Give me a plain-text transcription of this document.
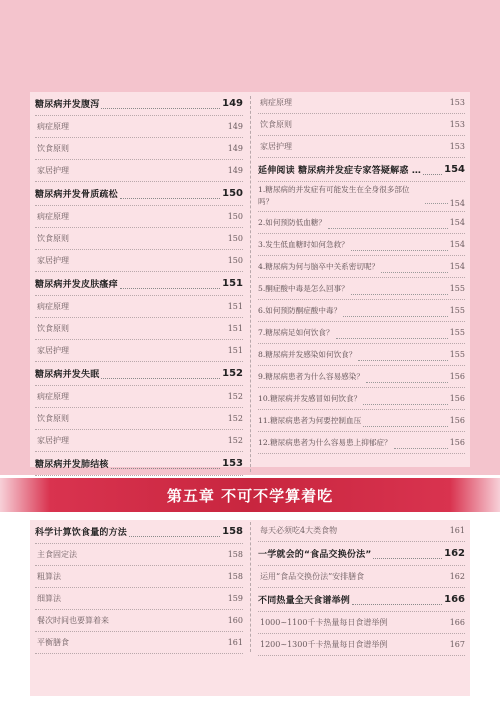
糖尿病并发腹泻	149
病症原理	149
饮食原则	149
家居护理	149
糖尿病并发骨质疏松	150
病症原理	150
饮食原则	150
家居护理	150
糖尿病并发皮肤瘙痒	151
病症原理	151
饮食原则	151
家居护理	151
糖尿病并发失眠	152
病症原理	152
饮食原则	152
家居护理	152
糖尿病并发肺结核	153
病症原理	153
饮食原则	153
家居护理	153
延伸阅读 糖尿病并发症专家答疑解惑 … 154
1.糖尿病的并发症有可能发生在全身很多部位吗？	154
2.如何预防低血糖？	154
3.发生低血糖时如何急救？	154
4.糖尿病为何与脑卒中关系密切呢？	154
5.酮症酸中毒是怎么回事？	155
6.如何预防酮症酸中毒？	155
7.糖尿病足如何饮食？	155
8.糖尿病并发感染如何饮食？	155
9.糖尿病患者为什么容易感染？	156
10.糖尿病并发感冒如何饮食？	156
11.糖尿病患者为何要控制血压	156
12.糖尿病患者为什么容易患上抑郁症？	156
第五章 不可不学算着吃
科学计算饮食量的方法	158
主食固定法	158
粗算法	158
细算法	159
餐次时间也要算着来	160
平衡膳食	161
每天必须吃4大类食物	161
一学就会的“食品交换份法”	162
运用“食品交换份法”安排膳食	162
不同热量全天食谱举例	166
1000~1100千卡热量每日食谱举例	166
1200~1300千卡热量每日食谱举例	167
